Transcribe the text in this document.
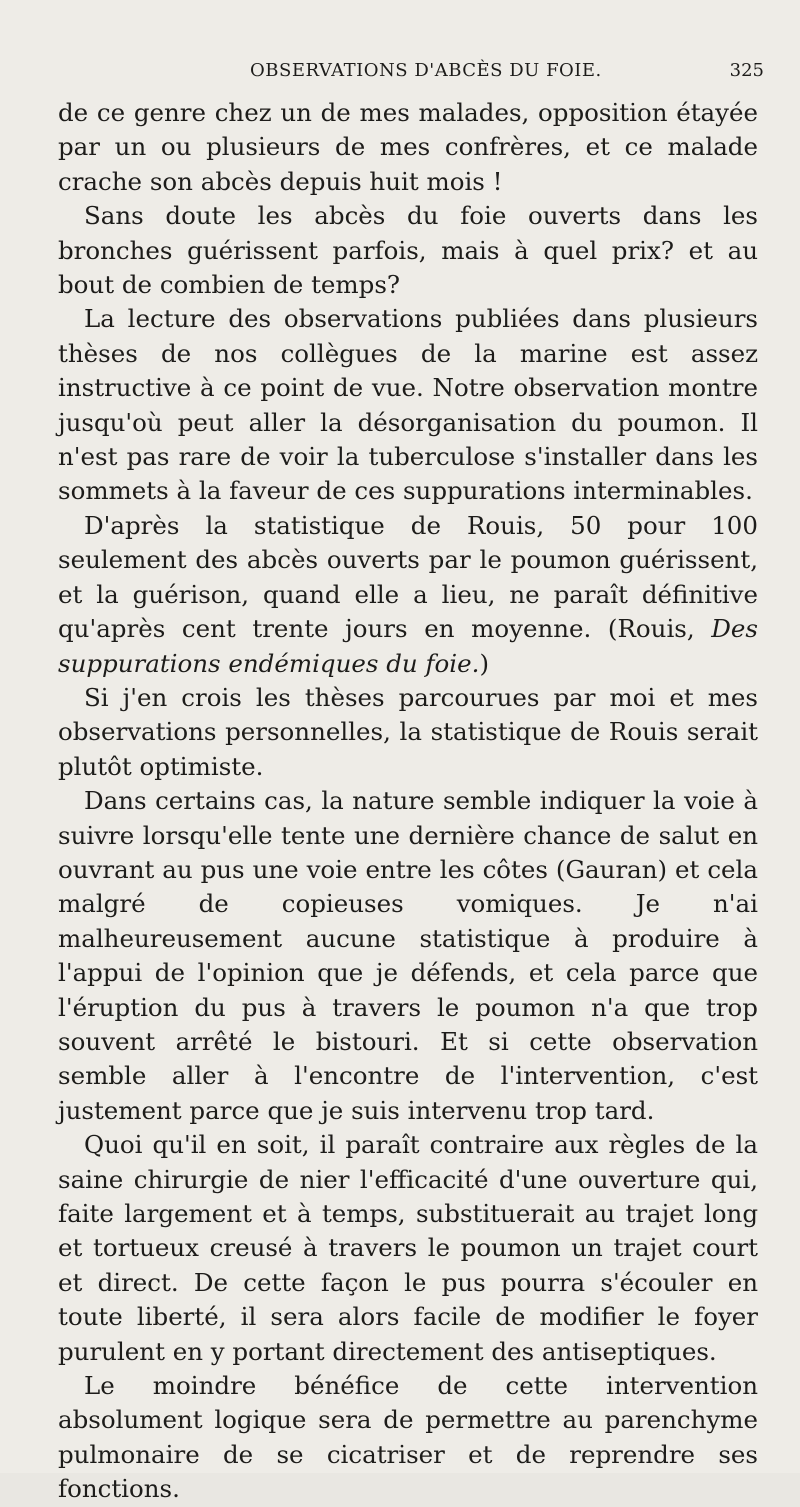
OBSERVATIONS D'ABCÈS DU FOIE.	325

de ce genre chez un de mes malades, opposition étayée par un ou plusieurs de mes confrères, et ce malade crache son abcès depuis huit mois !

Sans doute les abcès du foie ouverts dans les bronches guérissent parfois, mais à quel prix? et au bout de combien de temps?

La lecture des observations publiées dans plusieurs thèses de nos collègues de la marine est assez instructive à ce point de vue. Notre observation montre jusqu'où peut aller la désorganisation du poumon. Il n'est pas rare de voir la tuberculose s'installer dans les sommets à la faveur de ces suppurations interminables.

D'après la statistique de Rouis, 50 pour 100 seulement des abcès ouverts par le poumon guérissent, et la guérison, quand elle a lieu, ne paraît définitive qu'après cent trente jours en moyenne. (Rouis, Des suppurations endémiques du foie.)

Si j'en crois les thèses parcourues par moi et mes observations personnelles, la statistique de Rouis serait plutôt optimiste.

Dans certains cas, la nature semble indiquer la voie à suivre lorsqu'elle tente une dernière chance de salut en ouvrant au pus une voie entre les côtes (Gauran) et cela malgré de copieuses vomiques. Je n'ai malheureusement aucune statistique à produire à l'appui de l'opinion que je défends, et cela parce que l'éruption du pus à travers le poumon n'a que trop souvent arrêté le bistouri. Et si cette observation semble aller à l'encontre de l'intervention, c'est justement parce que je suis intervenu trop tard.

Quoi qu'il en soit, il paraît contraire aux règles de la saine chirurgie de nier l'efficacité d'une ouverture qui, faite largement et à temps, substituerait au trajet long et tortueux creusé à travers le poumon un trajet court et direct. De cette façon le pus pourra s'écouler en toute liberté, il sera alors facile de modifier le foyer purulent en y portant directement des antiseptiques.

Le moindre bénéfice de cette intervention absolument logique sera de permettre au parenchyme pulmonaire de se cicatriser et de reprendre ses fonctions.
